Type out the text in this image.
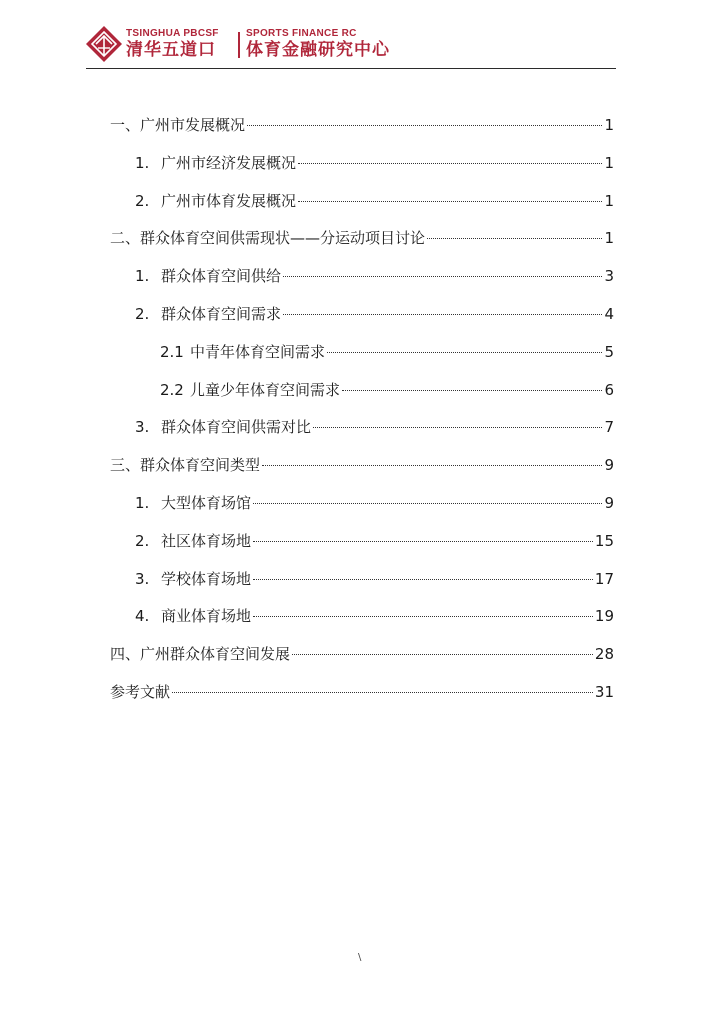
TSINGHUA PBCSF
清华五道口
SPORTS FINANCE RC
体育金融研究中心
一、 广州市发展概况	1
1. 广州市经济发展概况	1
2. 广州市体育发展概况	1
二、 群众体育空间供需现状——分运动项目讨论	1
1. 群众体育空间供给	3
2. 群众体育空间需求	4
2.1 中青年体育空间需求	5
2.2 儿童少年体育空间需求	6
3. 群众体育空间供需对比	7
三、 群众体育空间类型	9
1. 大型体育场馆	9
2. 社区体育场地	15
3. 学校体育场地	17
4. 商业体育场地	19
四、 广州群众体育空间发展	28
参考文献	31
\
